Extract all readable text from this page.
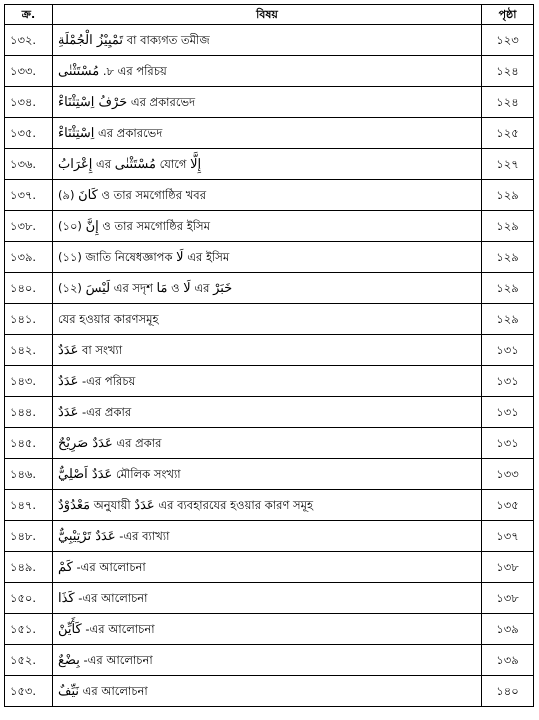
ক্র.	বিষয়	পৃষ্ঠা
১৩২.	تَمْيِيْزُ الْجُمْلَةِ বা বাক্যগত তমীজ	১২৩
১৩৩.	مُسْتَثْنٰى .৮ এর পরিচয়	১২৪
১৩৪.	حَرْفُ اِسْتِثْنَاءْ এর প্রকারভেদ	১২৪
১৩৫.	اِسْتِثْنَاءْ এর প্রকারভেদ	১২৫
১৩৬.	إِعْرَابُ এর مُسْتَثْنٰى যোগে إِلَّا	১২৭
১৩৭.	(৯) كَانَ ও তার সমগোষ্ঠির খবর	১২৯
১৩৮.	(১০) إِنَّ ও তার সমগোষ্ঠির ইসিম	১২৯
১৩৯.	(১১) জাতি নিষেধজ্ঞাপক لَا এর ইসিম	১২৯
১৪০.	(১২) لَيْسَ এর সদৃশ مَا ও لَا এর خَبَرْ	১২৯
১৪১.	যের হওয়ার কারণসমূহ	১২৯
১৪২.	عَدَدٌ বা সংখ্যা	১৩১
১৪৩.	عَدَدٌ -এর পরিচয়	১৩১
১৪৪.	عَدَدٌ -এর প্রকার	১৩১
১৪৫.	عَدَدٌ صَرِيْحٌ এর প্রকার	১৩১
১৪৬.	عَدَدٌ اَصْلِيٌّ মৌলিক সংখ্যা	১৩৩
১৪৭.	مَعْدُوْدٌ অনুযায়ী عَدَدٌ এর ব্যবহারযের হওয়ার কারণ সমূহ	১৩৫
১৪৮.	عَدَدٌ تَرْتِيْبِيٌّ -এর ব্যাখ্যা	১৩৭
১৪৯.	كَمْ -এর আলোচনা	১৩৮
১৫০.	كَذَا -এর আলোচনা	১৩৮
১৫১.	كَأَيِّنْ -এর আলোচনা	১৩৯
১৫২.	بِضْعٌ -এর আলোচনা	১৩৯
১৫৩.	نَيِّفٌ এর আলোচনা	১৪০
